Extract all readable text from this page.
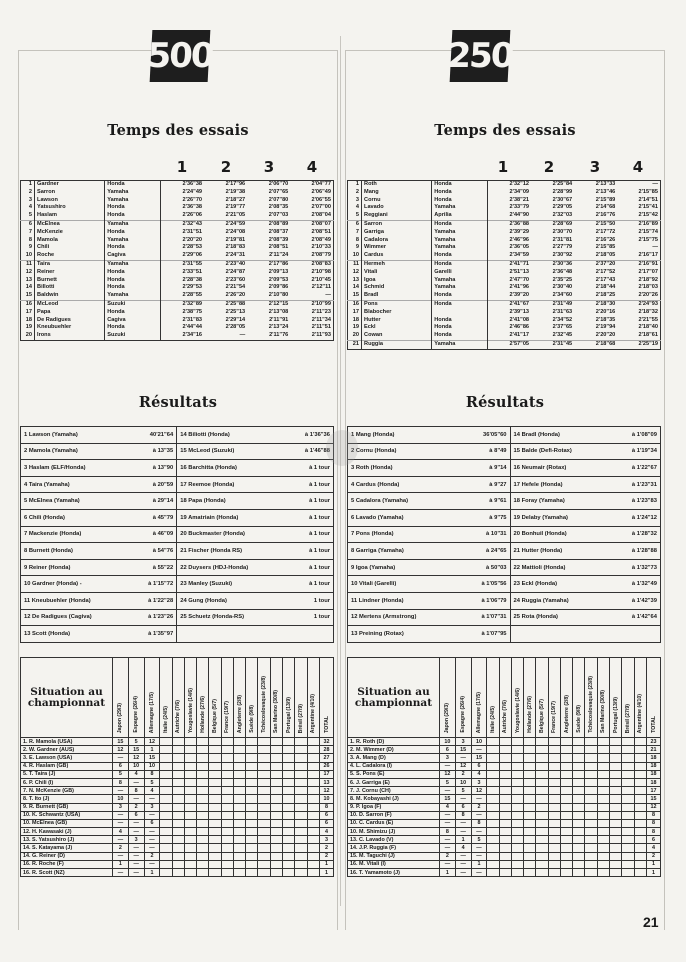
500
Temps des essais
1	2	3	4
1	Gardner	Honda	2'36"38	2'17"96	2'06"70	2'04"77
2	Sarron	Yamaha	2'24"49	2'19"38	2'07"65	2'06"49
3	Lawson	Yamaha	2'26"70	2'18"27	2'07"80	2'06"55
4	Yatsushiro	Honda	2'36"38	2'19"77	2'08"35	2'07"00
5	Haslam	Honda	2'26"06	2'21"05	2'07"03	2'08"04
6	McElnea	Yamaha	2'32"43	2'24"59	2'08"89	2'08"07
7	McKenzie	Honda	2'31"51	2'24"08	2'08"37	2'08"51
8	Mamola	Yamaha	2'20"20	2'19"81	2'08"39	2'08"49
9	Chili	Honda	2'28"53	2'18"83	2'08"51	2'10"33
10	Roche	Cagiva	2'29"06	2'24"31	2'11"24	2'08"79
11	Taira	Yamaha	2'31"55	2'23"40	2'17"86	2'08"83
12	Reiner	Honda	2'33"51	2'24"87	2'09"13	2'10"98
13	Burnett	Honda	2'28"38	2'23"60	2'09"53	2'10"45
14	Billotti	Honda	2'29"53	2'21"54	2'09"86	2'12"11
15	Baldwin	Yamaha	2'28"55	2'26"20	2'10"80	—
16	McLeod	Suzuki	2'32"89	2'25"88	2'12"15	2'10"99
17	Papa	Honda	2'38"75	2'25"13	2'13"08	2'11"23
18	De Radigues	Cagiva	2'31"83	2'29"14	2'11"91	2'11"34
19	Kneubuehler	Honda	2'44"44	2'28"05	2'13"24	2'11"51
20	Irons	Suzuki	2'34"16	—	2'11"76	2'11"93
Résultats
1 Lawson (Yamaha)	40'21"64	14 Biliotti (Honda)	à 1'36"36
2 Mamola (Yamaha)	à 13"35	15 McLeod (Suzuki)	à 1'46"88
3 Haslam (ELF/Honda)	à 13"90	16 Barchitta (Honda)	à 1 tour
4 Taira (Yamaha)	à 20"59	17 Reemoe (Honda)	à 1 tour
5 McElnea (Yamaha)	à 29"14	18 Papa (Honda)	à 1 tour
6 Chili (Honda)	à 45"79	19 Amatriain (Honda)	à 1 tour
7 Mackenzie (Honda)	à 46"09	20 Buckmaster (Honda)	à 1 tour
8 Burnett (Honda)	à 54"76	21 Fischer (Honda RS)	à 1 tour
9 Reiner (Honda)	à 55"22	22 Duysers (HDJ-Honda)	à 1 tour
10 Gardner (Honda) -	à 1'15"72	23 Manley (Suzuki)	à 1 tour
11 Kneubuehler (Honda)	à 1'22"28	24 Gung (Honda)	1 tour
12 De Radigues (Cagiva)	à 1'23"26	25 Schuetz (Honda-RS)	1 tour
13 Scott (Honda)	à 1'35"97		
Situation au championnat	Japon (29/3)	Espagne (26/4)	Allemagne (17/5)	Italie (24/5)	Autriche (7/6)	Yougoslavie (14/6)	Hollande (27/6)	Belgique (5/7)	France (19/7)	Angleterre (2/8)	Suède (9/8)	Tchécoslovaquie (23/8)	San Marino (30/8)	Portugal (13/9)	Brésil (27/9)	Argentine (4/10)	TOTAL
1. R. Mamola (USA)	15	5	12														32
2. W. Gardner (AUS)	12	15	1														28
3. E. Lawson (USA)	—	12	15														27
4. R. Haslam (GB)	6	10	10														26
5. T. Taira (J)	5	4	8														17
6. P. Chili (I)	8	—	5														13
7. N. McKenzie (GB)	—	8	4														12
8. T. Ito (J)	10	—	—														10
9. R. Burnett (GB)	3	2	3														8
10. K. Schwantz (USA)	—	6	—														6
10. McElnea (GB)	—	—	6														6
12. H. Kawasaki (J)	4	—	—														4
13. S. Yatsushiro (J)	—	3	—														3
14. S. Katayama (J)	2	—	—														2
14. G. Reiner (D)	—	—	2														2
16. R. Roche (F)	1	—	—														1
16. R. Scott (NZ)	—	—	1														1
250
Temps des essais
1	2	3	4
1	Roth	Honda	2'32"12	2'25"84	2'13"33	—
2	Mang	Honda	2'34"09	2'28"99	2'13"46	2'15"85
3	Cornu	Honda	2'38"21	2'30"67	2'15"89	2'14"51
4	Lavado	Yamaha	2'33"79	2'29"05	2'14"68	2'15"41
5	Reggiani	Aprilia	2'44"90	2'32"03	2'16"76	2'15"42
6	Sarron	Honda	2'36"88	2'28"69	2'15"50	2'16"89
7	Garriga	Yamaha	2'39"29	2'30"70	2'17"72	2'15"74
8	Cadalora	Yamaha	2'46"96	2'31"81	2'16"26	2'15"75
9	Wimmer	Yamaha	2'36"05	2'27"79	2'15"85	—
10	Cardus	Honda	2'34"59	2'30"92	2'18"05	2'16"17
11	Hermeh	Honda	2'41"71	2'30"36	2'37"20	2'16"91
12	Vitali	Garelli	2'51"13	2'36"48	2'17"52	2'17"07
13	Igoa	Yamaha	2'47"70	2'35"25	2'17"43	2'18"92
14	Schmid	Yamaha	2'41"96	2'30"40	2'18"44	2'18"03
15	Bradl	Honda	2'39"20	2'34"60	2'18"25	2'20"26
16	Pons	Honda	2'41"67	2'31"49	2'18"30	2'24"93
17	Blabocher		2'39"13	2'31"63	2'20"16	2'18"32
18	Hutter	Honda	2'41"08	2'34"52	2'18"35	2'21"55
19	Eckl	Honda	2'46"86	2'37"65	2'19"94	2'18"40
20	Cowan	Honda	2'41"17	2'32"45	2'20"20	2'18"61
21	Ruggia	Yamaha	2'57"05	2'31"45	2'18"68	2'25"19
Résultats
1 Mang (Honda)	36'05"60	14 Bradl (Honda)	à 1'08"09
2 Cornu (Honda)	à 8"49	15 Balde (Defi-Rotax)	à 1'19"34
3 Roth (Honda)	à 9"14	16 Neumair (Rotax)	à 1'22"67
4 Cardus (Honda)	à 9"27	17 Hefele (Honda)	à 1'23"31
5 Cadalora (Yamaha)	à 9"61	18 Foray (Yamaha)	à 1'23"83
6 Lavado (Yamaha)	à 9"75	19 Delaby (Yamaha)	à 1'24"12
7 Pons (Honda)	à 10"31	20 Bonhuil (Honda)	à 1'28"32
8 Garriga (Yamaha)	à 24"65	21 Hutter (Honda)	à 1'28"88
9 Igoa (Yamaha)	à 50"03	22 Mattioli (Honda)	à 1'32"73
10 Vitali (Garelli)	à 1'05"56	23 Eckl (Honda)	à 1'32"49
11 Lindner (Honda)	à 1'06"79	24 Ruggia (Yamaha)	à 1'42"39
12 Mertens (Armstrong)	à 1'07"31	25 Rota (Honda)	à 1'42"64
13 Preining (Rotax)	à 1'07"95		
Situation au championnat	Japon (29/3)	Espagne (26/4)	Allemagne (17/5)	Italie (24/5)	Autriche (7/6)	Yougoslavie (14/6)	Hollande (27/6)	Belgique (5/7)	France (19/7)	Angleterre (2/8)	Suède (9/8)	Tchécoslovaquie (23/8)	San Marino (30/8)	Portugal (13/9)	Brésil (27/9)	Argentine (4/10)	TOTAL
1. R. Roth (D)	10	3	10														23
2. M. Wimmer (D)	6	15	—														21
3. A. Mang (D)	3	—	15														18
4. L. Cadalora (I)	—	12	6														18
5. S. Pons (E)	12	2	4														18
6. J. Garriga (E)	5	10	3														18
7. J. Cornu (CH)	—	5	12														17
8. M. Kobayashi (J)	15	—	—														15
9. P. Igoa (F)	4	6	2														12
10. D. Sarron (F)	—	8	—														8
10. C. Cardus (E)	—	—	8														8
10. M. Shimizu (J)	8	—	—														8
13. C. Lavado (V)	—	1	5														6
14. J.P. Ruggia (F)	—	4	—														4
15. M. Taguchi (J)	2	—	—														2
16. M. Vitali (I)	—	—	1														1
16. T. Yamamoto (J)	1	—	—														1
21
